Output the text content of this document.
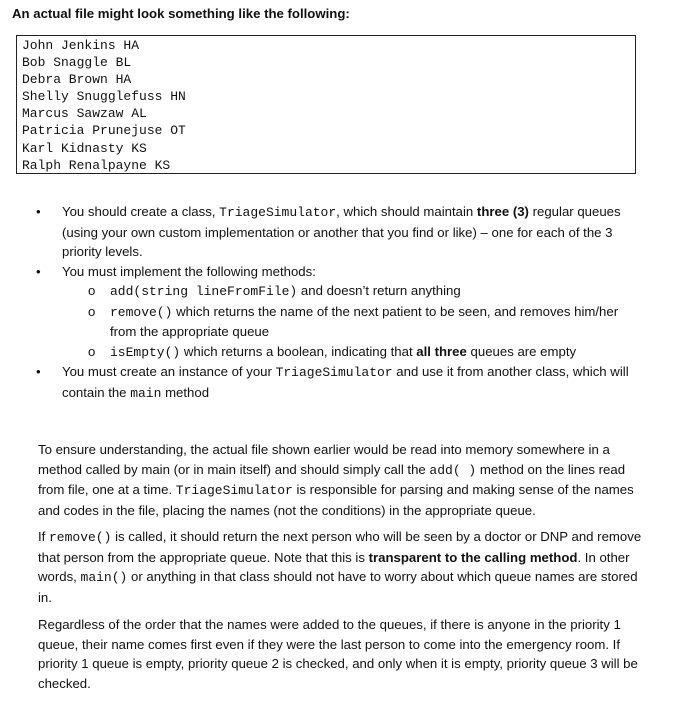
An actual file might look something like the following:
John Jenkins HA
Bob Snaggle BL
Debra Brown HA
Shelly Snugglefuss HN
Marcus Sawzaw AL
Patricia Prunejuse OT
Karl Kidnasty KS
Ralph Renalpayne KS
• You should create a class, TriageSimulator, which should maintain three (3) regular queues (using your own custom implementation or another that you find or like) – one for each of the 3 priority levels.
• You must implement the following methods:
o add(string lineFromFile) and doesn’t return anything
o remove() which returns the name of the next patient to be seen, and removes him/her from the appropriate queue
o isEmpty() which returns a boolean, indicating that all three queues are empty
• You must create an instance of your TriageSimulator and use it from another class, which will contain the main method
To ensure understanding, the actual file shown earlier would be read into memory somewhere in a method called by main (or in main itself) and should simply call the add( ) method on the lines read from file, one at a time. TriageSimulator is responsible for parsing and making sense of the names and codes in the file, placing the names (not the conditions) in the appropriate queue.
If remove() is called, it should return the next person who will be seen by a doctor or DNP and remove that person from the appropriate queue. Note that this is transparent to the calling method. In other words, main() or anything in that class should not have to worry about which queue names are stored in.
Regardless of the order that the names were added to the queues, if there is anyone in the priority 1 queue, their name comes first even if they were the last person to come into the emergency room. If priority 1 queue is empty, priority queue 2 is checked, and only when it is empty, priority queue 3 will be checked.
